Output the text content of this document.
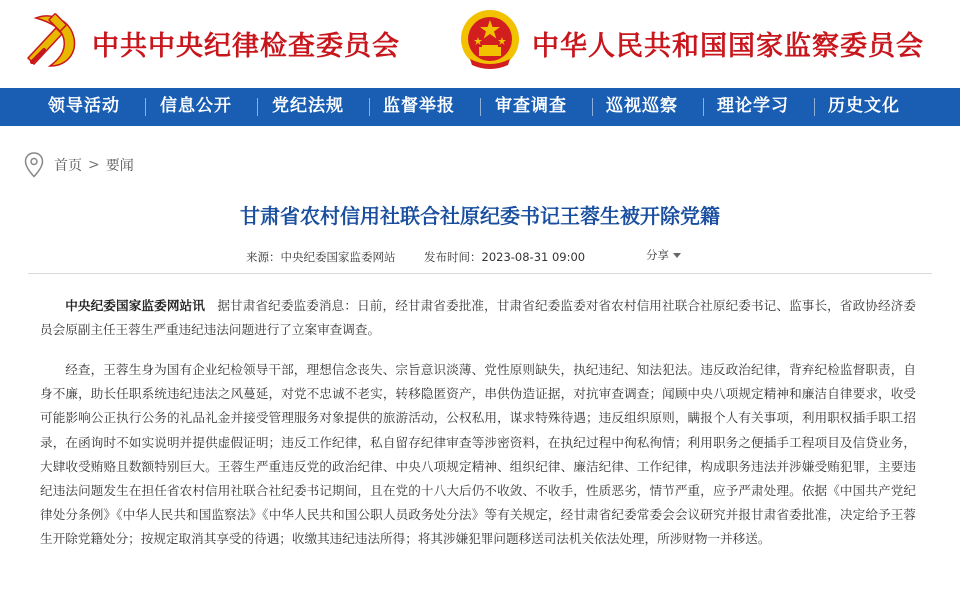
中共中央纪律检查委员会	中华人民共和国国家监察委员会
领导活动 信息公开 党纪法规 监督举报 审查调查 巡视巡察 理论学习 历史文化
首页 > 要闻
甘肃省农村信用社联合社原纪委书记王蓉生被开除党籍
来源：中央纪委国家监委网站 发布时间：2023-08-31 09:00	分享
中央纪委国家监委网站讯 据甘肃省纪委监委消息：日前，经甘肃省委批准，甘肃省纪委监委对省农村信用社联合社原纪委书记、监事长，省政协经济委员会原副主任王蓉生严重违纪违法问题进行了立案审查调查。
经查，王蓉生身为国有企业纪检领导干部，理想信念丧失、宗旨意识淡薄、党性原则缺失，执纪违纪、知法犯法。违反政治纪律，背弃纪检监督职责，自身不廉，助长任职系统违纪违法之风蔓延，对党不忠诚不老实，转移隐匿资产，串供伪造证据，对抗审查调查；闻顾中央八项规定精神和廉洁自律要求，收受可能影响公正执行公务的礼品礼金并接受管理服务对象提供的旅游活动，公权私用，谋求特殊待遇；违反组织原则，瞒报个人有关事项，利用职权插手职工招录，在函询时不如实说明并提供虚假证明；违反工作纪律，私自留存纪律审查等涉密资料，在执纪过程中徇私徇情；利用职务之便插手工程项目及信贷业务，大肆收受贿赂且数额特别巨大。王蓉生严重违反党的政治纪律、中央八项规定精神、组织纪律、廉洁纪律、工作纪律，构成职务违法并涉嫌受贿犯罪，主要违纪违法问题发生在担任省农村信用社联合社纪委书记期间，且在党的十八大后仍不收敛、不收手，性质恶劣，情节严重，应予严肃处理。依据《中国共产党纪律处分条例》《中华人民共和国监察法》《中华人民共和国公职人员政务处分法》等有关规定，经甘肃省纪委常委会会议研究并报甘肃省委批准，决定给予王蓉生开除党籍处分；按规定取消其享受的待遇；收缴其违纪违法所得；将其涉嫌犯罪问题移送司法机关依法处理，所涉财物一并移送。
